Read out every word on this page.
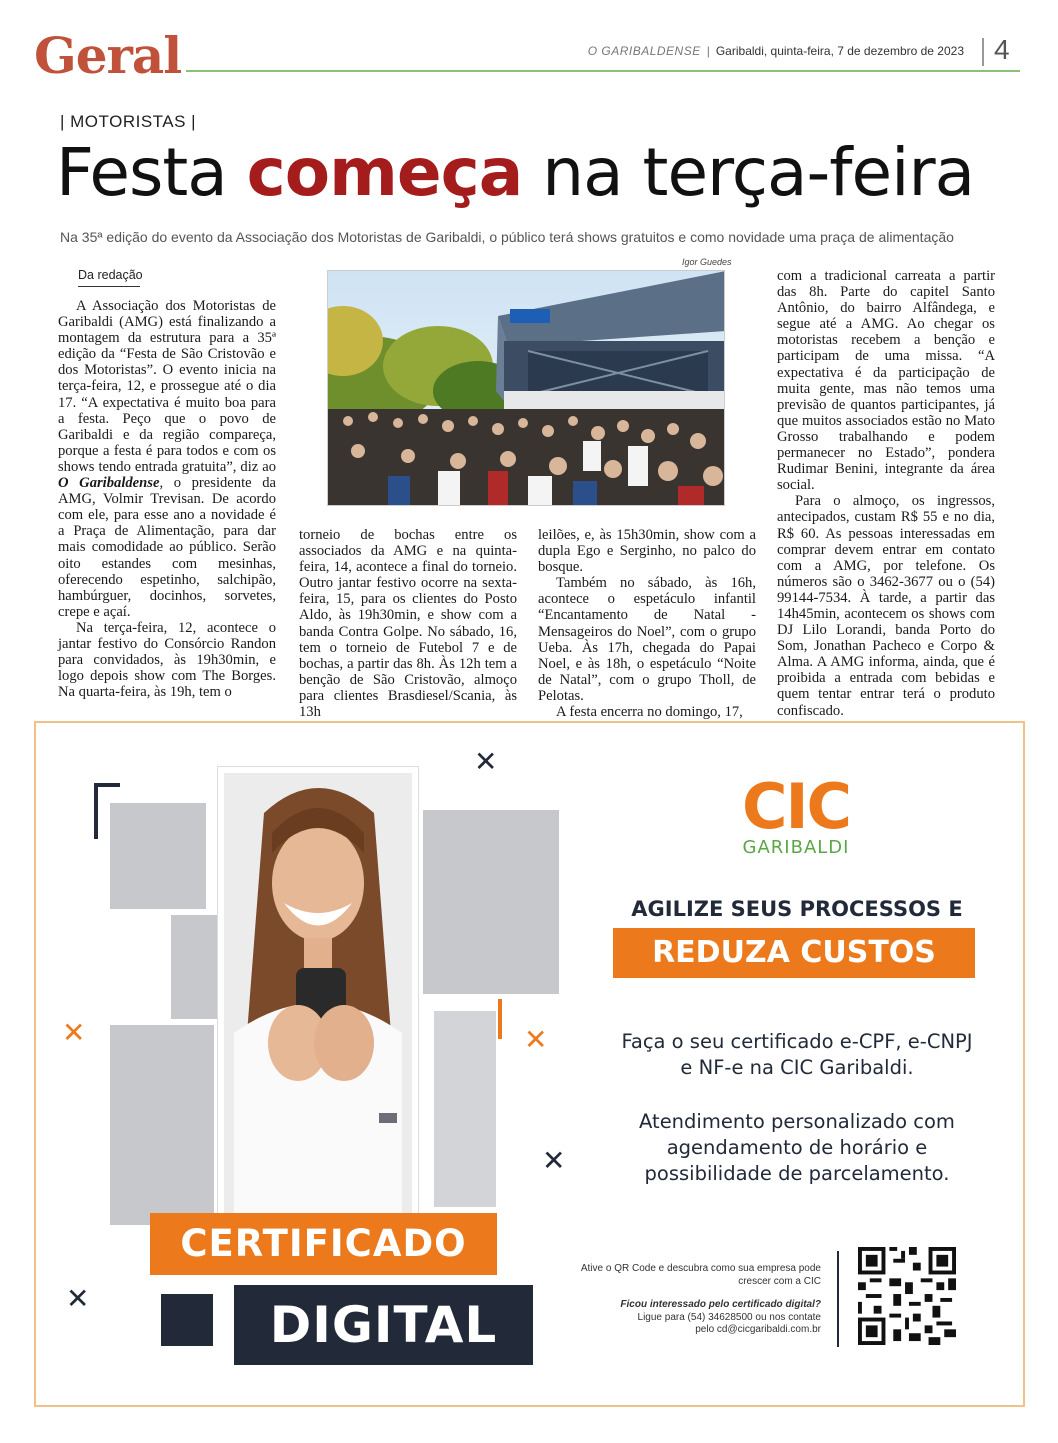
Geral	O GARIBALDENSE | Garibaldi, quinta-feira, 7 de dezembro de 2023 4
| MOTORISTAS |
Festa começa na terça-feira
Na 35ª edição do evento da Associação dos Motoristas de Garibaldi, o público terá shows gratuitos e como novidade uma praça de alimentação
Da redação

A Associação dos Motoristas de Garibaldi (AMG) está finalizando a montagem da estrutura para a 35ª edição da “Festa de São Cristovão e dos Motoristas”. O evento inicia na terça-feira, 12, e prossegue até o dia 17. “A expectativa é muito boa para a festa. Peço que o povo de Garibaldi e da região compareça, porque a festa é para todos e com os shows tendo entrada gratuita”, diz ao O Garibaldense, o presidente da AMG, Volmir Trevisan. De acordo com ele, para esse ano a novidade é a Praça de Alimentação, para dar mais comodidade ao público. Serão oito estandes com mesinhas, oferecendo espetinho, salchipão, hambúrguer, docinhos, sorvetes, crepe e açaí.

Na terça-feira, 12, acontece o jantar festivo do Consórcio Randon para convidados, às 19h30min, e logo depois show com The Borges. Na quarta-feira, às 19h, tem o

Igor Guedes

torneio de bochas entre os associados da AMG e na quinta-feira, 14, acontece a final do torneio. Outro jantar festivo ocorre na sexta-feira, 15, para os clientes do Posto Aldo, às 19h30min, e show com a banda Contra Golpe. No sábado, 16, tem o torneio de Futebol 7 e de bochas, a partir das 8h. Às 12h tem a benção de São Cristovão, almoço para clientes Brasdiesel/Scania, às 13h

leilões, e, às 15h30min, show com a dupla Ego e Serginho, no palco do bosque.

Também no sábado, às 16h, acontece o espetáculo infantil “Encantamento de Natal - Mensageiros do Noel”, com o grupo Ueba. Às 17h, chegada do Papai Noel, e às 18h, o espetáculo “Noite de Natal”, com o grupo Tholl, de Pelotas.

A festa encerra no domingo, 17,

com a tradicional carreata a partir das 8h. Parte do capitel Santo Antônio, do bairro Alfândega, e segue até a AMG. Ao chegar os motoristas recebem a benção e participam de uma missa. “A expectativa é da participação de muita gente, mas não temos uma previsão de quantos participantes, já que muitos associados estão no Mato Grosso trabalhando e podem permanecer no Estado”, pondera Rudimar Benini, integrante da área social.

Para o almoço, os ingressos, antecipados, custam R$ 55 e no dia, R$ 60. As pessoas interessadas em comprar devem entrar em contato com a AMG, por telefone. Os números são o 3462-3677 ou o (54) 99144-7534. À tarde, a partir das 14h45min, acontecem os shows com DJ Lilo Lorandi, banda Porto do Som, Jonathan Pacheco e Corpo & Alma. A AMG informa, ainda, que é proibida a entrada com bebidas e quem tentar entrar terá o produto confiscado.

✕
✕	✕
✕
✕
CERTIFICADO
DIGITAL
CIC
GARIBALDI
AGILIZE SEUS PROCESSOS E
REDUZA CUSTOS
Faça o seu certificado e-CPF, e-CNPJ e NF-e na CIC Garibaldi.
Atendimento personalizado com agendamento de horário e possibilidade de parcelamento.
Ative o QR Code e descubra como sua empresa pode crescer com a CIC
Ficou interessado pelo certificado digital?
Ligue para (54) 34628500 ou nos contate
pelo cd@cicgaribaldi.com.br
